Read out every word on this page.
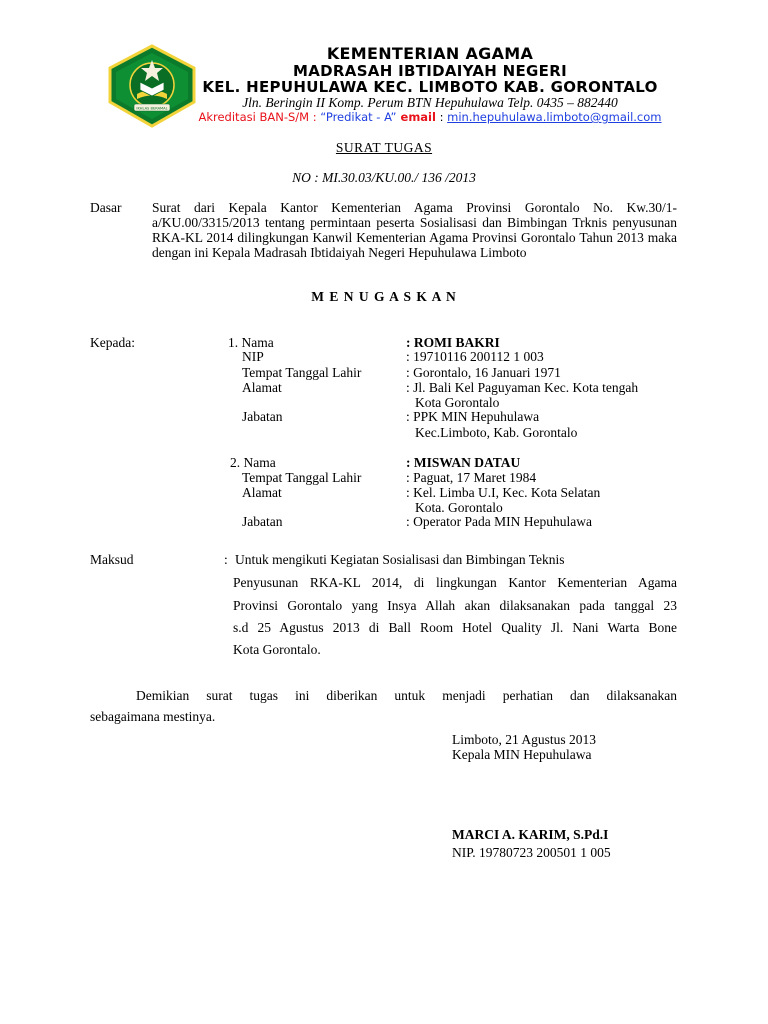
IKHLAS BERAMAL
KEMENTERIAN AGAMA
MADRASAH IBTIDAIYAH NEGERI
KEL. HEPUHULAWA KEC. LIMBOTO KAB. GORONTALO
Jln. Beringin II Komp. Perum BTN Hepuhulawa Telp. 0435 – 882440
Akreditasi BAN-S/M : “Predikat - A” email : min.hepuhulawa.limboto@gmail.com
SURAT TUGAS
NO : MI.30.03/KU.00./ 136 /2013
Dasar Surat dari Kepala Kantor Kementerian Agama Provinsi Gorontalo No. Kw.30/1-a/KU.00/3315/2013 tentang permintaan peserta Sosialisasi dan Bimbingan Trknis penyusunan RKA-KL 2014 dilingkungan Kanwil Kementerian Agama Provinsi Gorontalo Tahun 2013 maka dengan ini Kepala Madrasah Ibtidaiyah Negeri Hepuhulawa Limboto
M E N U G A S K A N
Kepada:	1. Nama	: ROMI BAKRI
NIP	: 19710116 200112 1 003
Tempat Tanggal Lahir	: Gorontalo, 16 Januari 1971
Alamat	: Jl. Bali Kel Paguyaman Kec. Kota tengah
Kota Gorontalo
Jabatan	: PPK MIN Hepuhulawa
Kec.Limboto, Kab. Gorontalo
2. Nama	: MISWAN DATAU
Tempat Tanggal Lahir	: Paguat, 17 Maret 1984
Alamat	: Kel. Limba U.I, Kec. Kota Selatan
Kota. Gorontalo
Jabatan	: Operator Pada MIN Hepuhulawa
Maksud	: Untuk mengikuti Kegiatan Sosialisasi dan Bimbingan Teknis
Penyusunan RKA-KL 2014, di lingkungan Kantor Kementerian Agama
Provinsi Gorontalo yang Insya Allah akan dilaksanakan pada tanggal 23
s.d 25 Agustus 2013 di Ball Room Hotel Quality Jl. Nani Warta Bone
Kota Gorontalo.
Demikian surat tugas ini diberikan untuk menjadi perhatian dan dilaksanakan
sebagaimana mestinya.
Limboto, 21 Agustus 2013
Kepala MIN Hepuhulawa
MARCI A. KARIM, S.Pd.I
NIP. 19780723 200501 1 005
